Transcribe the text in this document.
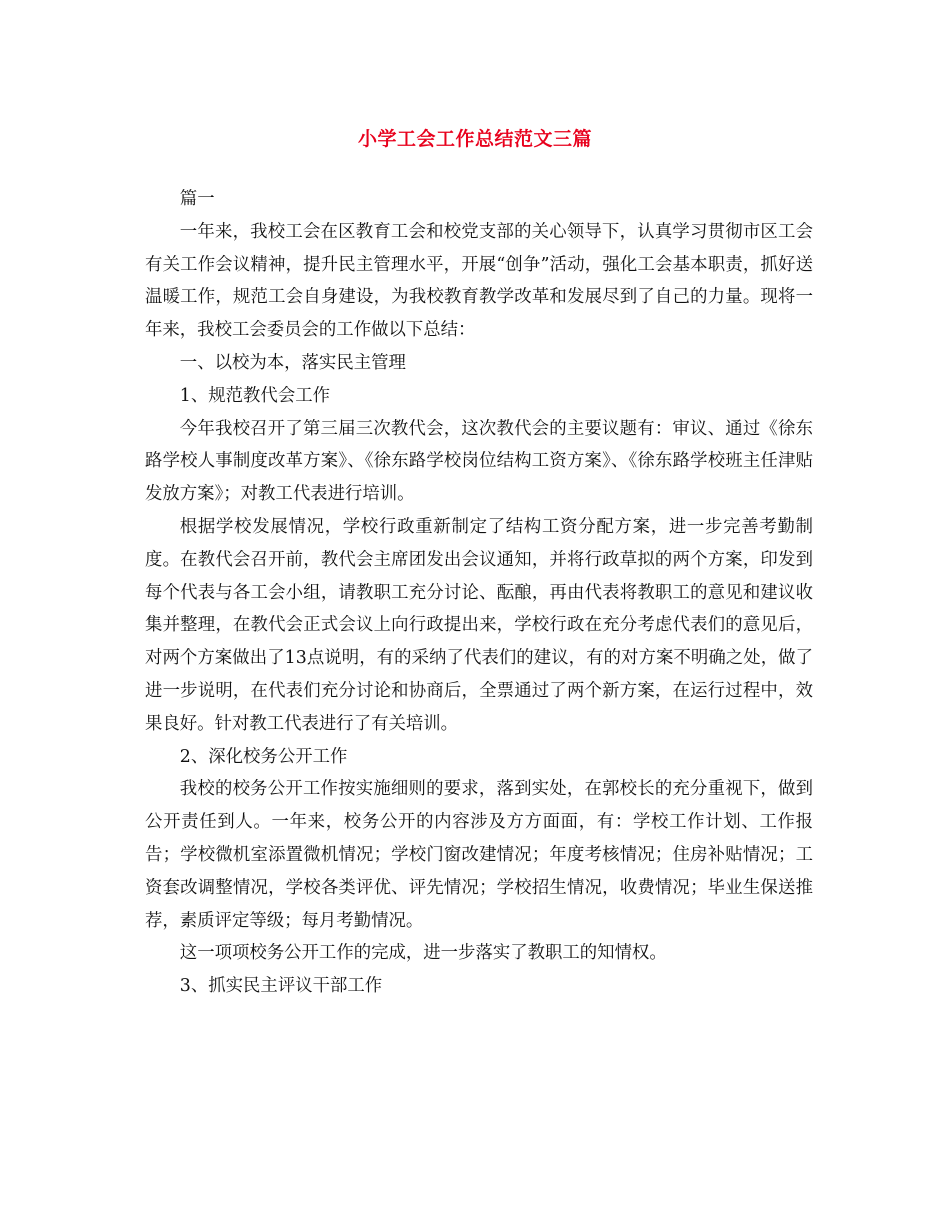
小学工会工作总结范文三篇

篇一

一年来，我校工会在区教育工会和校党支部的关心领导下，认真学习贯彻市区工会有关工作会议精神，提升民主管理水平，开展“创争”活动，强化工会基本职责，抓好送温暖工作，规范工会自身建设，为我校教育教学改革和发展尽到了自己的力量。现将一年来，我校工会委员会的工作做以下总结：

一、以校为本，落实民主管理

1、规范教代会工作

今年我校召开了第三届三次教代会，这次教代会的主要议题有：审议、通过《徐东路学校人事制度改革方案》、《徐东路学校岗位结构工资方案》、《徐东路学校班主任津贴发放方案》；对教工代表进行培训。

根据学校发展情况，学校行政重新制定了结构工资分配方案，进一步完善考勤制度。在教代会召开前，教代会主席团发出会议通知，并将行政草拟的两个方案，印发到每个代表与各工会小组，请教职工充分讨论、酝酿，再由代表将教职工的意见和建议收集并整理，在教代会正式会议上向行政提出来，学校行政在充分考虑代表们的意见后，对两个方案做出了13点说明，有的采纳了代表们的建议，有的对方案不明确之处，做了进一步说明，在代表们充分讨论和协商后，全票通过了两个新方案，在运行过程中，效果良好。针对教工代表进行了有关培训。

2、深化校务公开工作

我校的校务公开工作按实施细则的要求，落到实处，在郭校长的充分重视下，做到公开责任到人。一年来，校务公开的内容涉及方方面面，有：学校工作计划、工作报告；学校微机室添置微机情况；学校门窗改建情况；年度考核情况；住房补贴情况；工资套改调整情况，学校各类评优、评先情况；学校招生情况，收费情况；毕业生保送推荐，素质评定等级；每月考勤情况。

这一项项校务公开工作的完成，进一步落实了教职工的知情权。

3、抓实民主评议干部工作
